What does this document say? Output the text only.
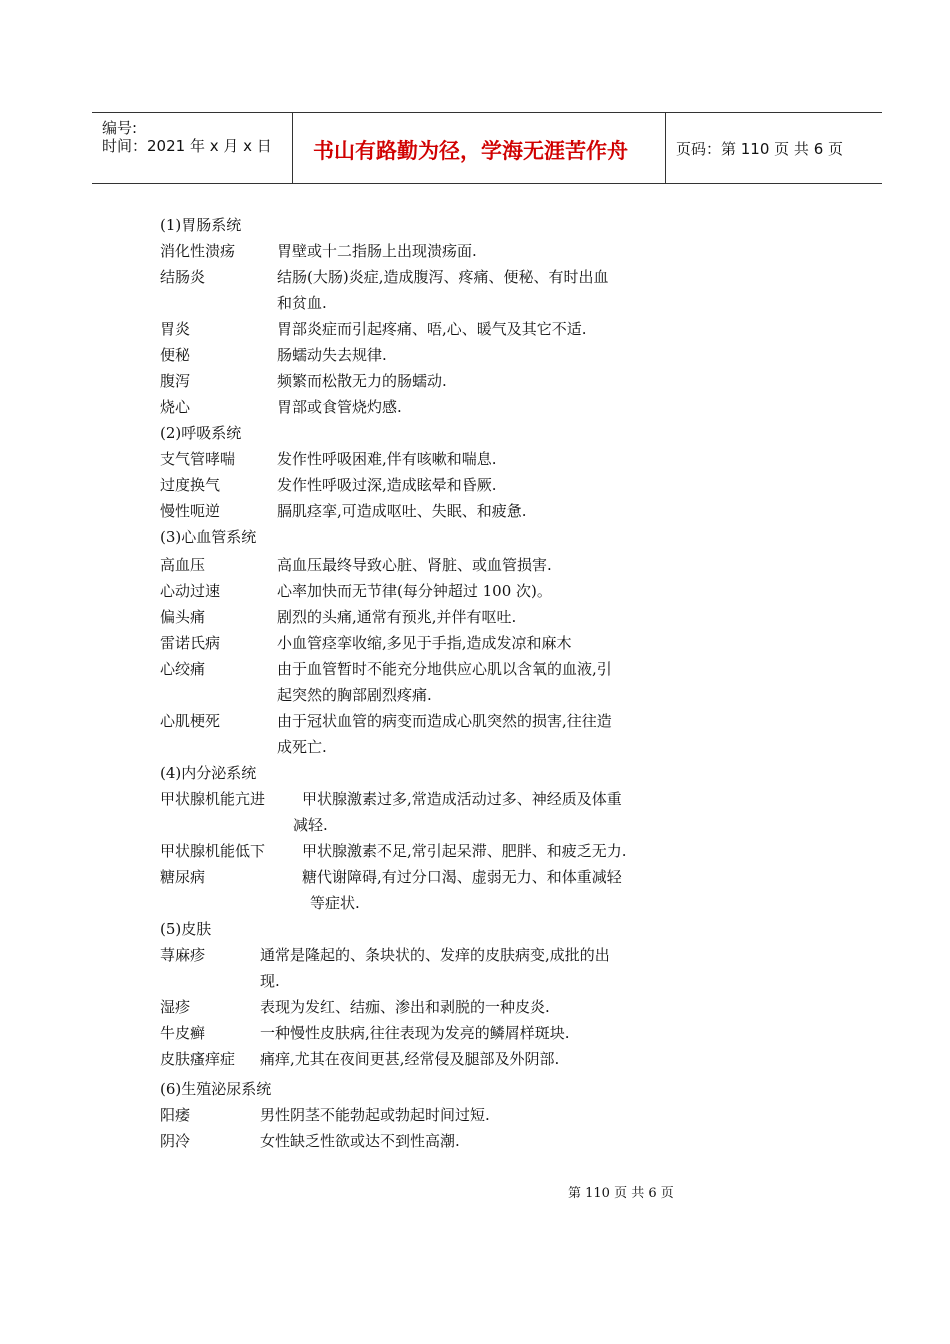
编号:
时间：2021 年 x 月 x 日 书山有路勤为径，学海无涯苦作舟	页码：第 110 页 共 6 页
(1)胃肠系统
消化性溃疡	胃壁或十二指肠上出现溃疡面.
结肠炎	结肠(大肠)炎症,造成腹泻、疼痛、便秘、有时出血
和贫血.
胃炎	胃部炎症而引起疼痛、唔,心、暖气及其它不适.
便秘	肠蠕动失去规律.
腹泻	频繁而松散无力的肠蠕动.
烧心	胃部或食管烧灼感.
(2)呼吸系统
支气管哮喘	发作性呼吸困难,伴有咳嗽和喘息.
过度换气	发作性呼吸过深,造成眩晕和昏厥.
慢性呃逆	膈肌痉挛,可造成呕吐、失眠、和疲惫.
(3)心血管系统
高血压	高血压最终导致心脏、肾脏、或血管损害.
心动过速	心率加快而无节律(每分钟超过 100 次)。
偏头痛	剧烈的头痛,通常有预兆,并伴有呕吐.
雷诺氏病	小血管痉挛收缩,多见于手指,造成发凉和麻木
心绞痛	由于血管暂时不能充分地供应心肌以含氧的血液,引
起突然的胸部剧烈疼痛.
心肌梗死	由于冠状血管的病变而造成心肌突然的损害,往往造
成死亡.
(4)内分泌系统
甲状腺机能亢进 甲状腺激素过多,常造成活动过多、神经质及体重
减轻.
甲状腺机能低下 甲状腺激素不足,常引起呆滞、肥胖、和疲乏无力.
糖尿病	糖代谢障碍,有过分口渴、虚弱无力、和体重减轻
等症状.
(5)皮肤
荨麻疹	通常是隆起的、条块状的、发痒的皮肤病变,成批的出
现.
湿疹	表现为发红、结痂、渗出和剥脱的一种皮炎.
牛皮癣	一种慢性皮肤病,往往表现为发亮的鳞屑样斑块.
皮肤瘙痒症 痛痒,尤其在夜间更甚,经常侵及腿部及外阴部.
(6)生殖泌尿系统
阳痿	男性阴茎不能勃起或勃起时间过短.
阴冷	女性缺乏性欲或达不到性高潮.
第 110 页 共 6 页
